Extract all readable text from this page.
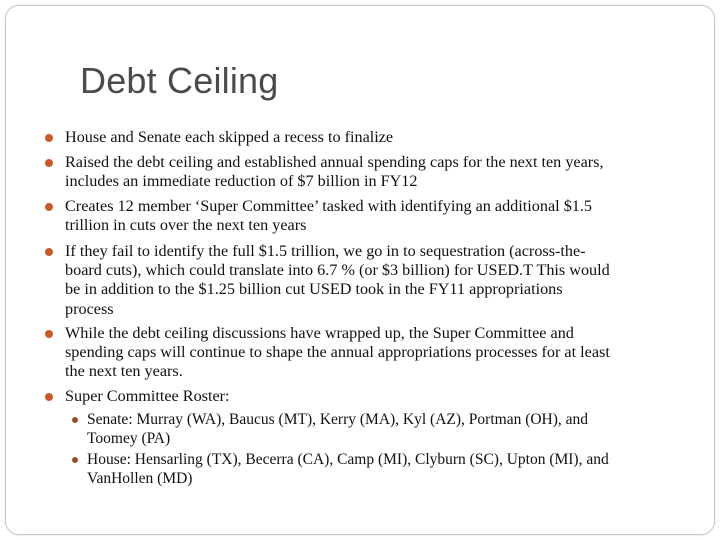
Debt Ceiling
House and Senate each skipped a recess to finalize
Raised the debt ceiling and established annual spending caps for the next ten years,
includes an immediate reduction of $7 billion in FY12
Creates 12 member ‘Super Committee’ tasked with identifying an additional $1.5
trillion in cuts over the next ten years
If they fail to identify the full $1.5 trillion, we go in to sequestration (across-the-
board cuts), which could translate into 6.7 % (or $3 billion) for USED.T This would
be in addition to the $1.25 billion cut USED took in the FY11 appropriations
process
While the debt ceiling discussions have wrapped up, the Super Committee and
spending caps will continue to shape the annual appropriations processes for at least
the next ten years.
Super Committee Roster:
Senate: Murray (WA), Baucus (MT), Kerry (MA), Kyl (AZ), Portman (OH), and
Toomey (PA)
House: Hensarling (TX), Becerra (CA), Camp (MI), Clyburn (SC), Upton (MI), and
VanHollen (MD)
